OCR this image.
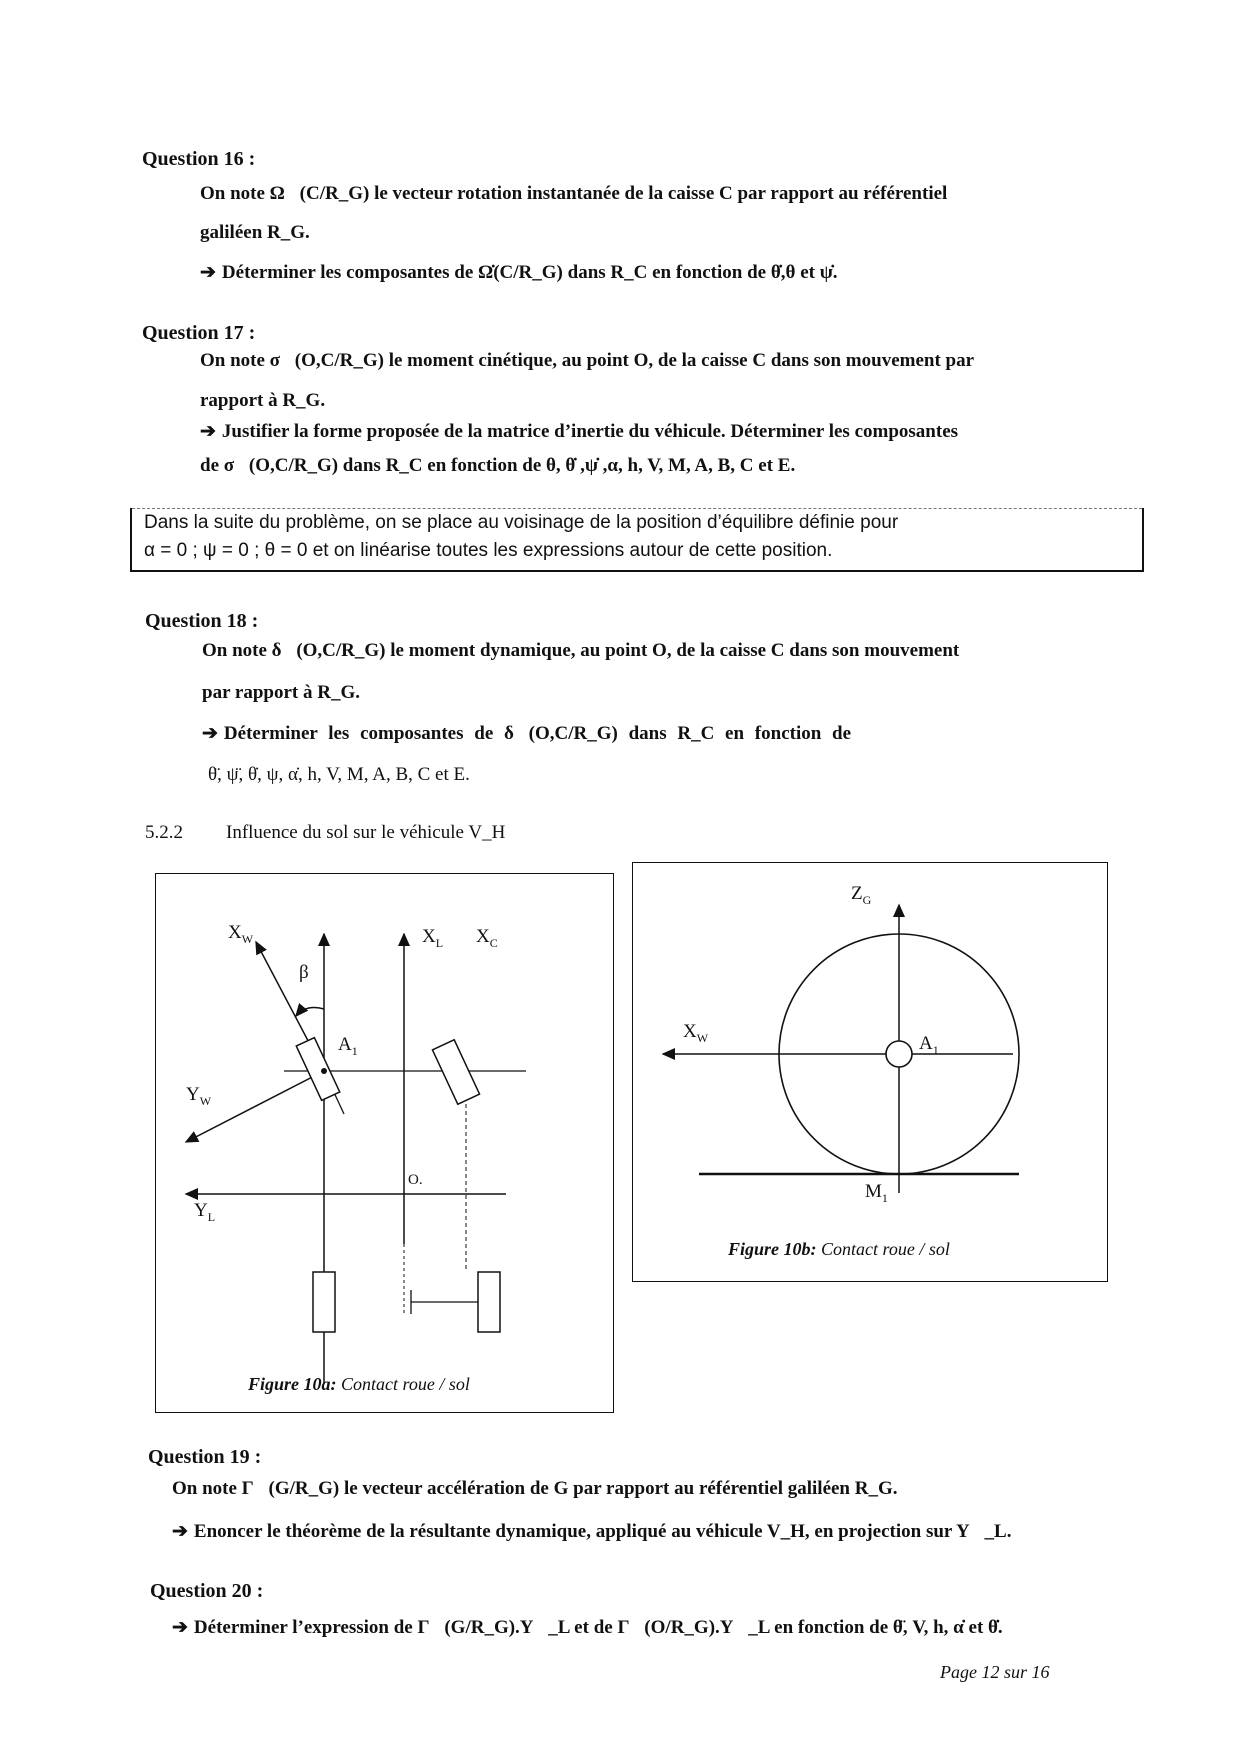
Question 16 :
On note Ω⃗(C/R_G) le vecteur rotation instantanée de la caisse C par rapport au référentiel
galiléen R_G.
➔ Déterminer les composantes de Ω̇(C/R_G) dans R_C en fonction de θ̇,θ et ψ̇.
Question 17 :
On note σ⃗(O,C/R_G) le moment cinétique, au point O, de la caisse C dans son mouvement par
rapport à R_G.
➔ Justifier la forme proposée de la matrice d’inertie du véhicule. Déterminer les composantes
de σ⃗(O,C/R_G) dans R_C en fonction de θ, θ̇ ,ψ̇ ,α, h, V, M, A, B, C et E.
Dans la suite du problème, on se place au voisinage de la position d’équilibre définie pour
α = 0 ; ψ = 0 ; θ = 0 et on linéarise toutes les expressions autour de cette position.
Question 18 :
On note δ⃗(O,C/R_G) le moment dynamique, au point O, de la caisse C dans son mouvement
par rapport à R_G.
➔ Déterminer les composantes de δ⃗(O,C/R_G) dans R_C en fonction de
θ̈, ψ̈, θ̇, ψ, α̇, h, V, M, A, B, C et E.
5.2.2 Influence du sol sur le véhicule V_H
$X_W$
β
$A_1$
$Y_W$
$X_L$ $X_C$
$Y_L$
O.
Figure 10a: Contact roue / sol
$Z_G$
$X_W$	$A_1$
$M_1$
Figure 10b: Contact roue / sol
Question 19 :
On note Γ⃗(G/R_G) le vecteur accélération de G par rapport au référentiel galiléen R_G.
➔ Enoncer le théorème de la résultante dynamique, appliqué au véhicule V_H, en projection sur Y⃗_L.
Question 20 :
➔ Déterminer l’expression de Γ⃗(G/R_G).Y⃗_L et de Γ⃗(O/R_G).Y⃗_L en fonction de θ̈, V, h, α̇ et θ̇.
Page 12 sur 16
